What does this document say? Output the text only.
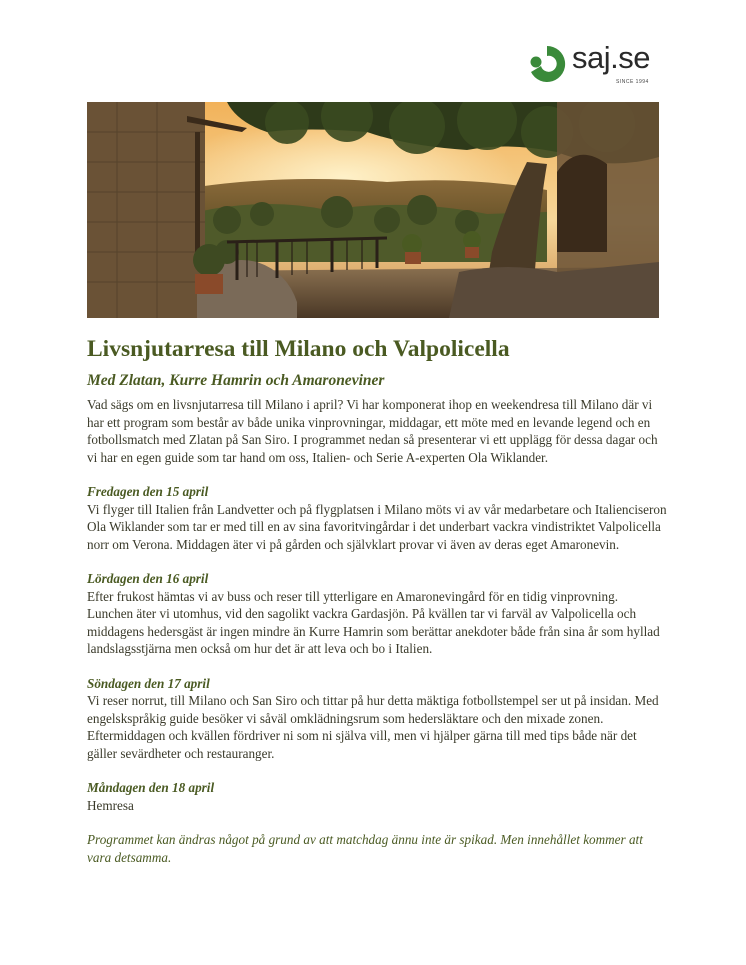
saj.se
SINCE 1994
Livsnjutarresa till Milano och Valpolicella
Med Zlatan, Kurre Hamrin och Amaroneviner

Vad sägs om en livsnjutarresa till Milano i april? Vi har komponerat ihop en weekendresa till Milano där vi har ett program som består av både unika vinprovningar, middagar, ett möte med en levande legend och en fotbollsmatch med Zlatan på San Siro. I programmet nedan så presenterar vi ett upplägg för dessa dagar och vi har en egen guide som tar hand om oss, Italien- och Serie A-experten Ola Wiklander.

Fredagen den 15 april

Vi flyger till Italien från Landvetter och på flygplatsen i Milano möts vi av vår medarbetare och Italienciseron Ola Wiklander som tar er med till en av sina favoritvingårdar i det underbart vackra vindistriktet Valpolicella norr om Verona. Middagen äter vi på gården och självklart provar vi även av deras eget Amaronevin.

Lördagen den 16 april

Efter frukost hämtas vi av buss och reser till ytterligare en Amaronevingård för en tidig vinprovning. Lunchen äter vi utomhus, vid den sagolikt vackra Gardasjön. På kvällen tar vi farväl av Valpolicella och middagens hedersgäst är ingen mindre än Kurre Hamrin som berättar anekdoter både från sina år som hyllad landslagsstjärna men också om hur det är att leva och bo i Italien.

Söndagen den 17 april

Vi reser norrut, till Milano och San Siro och tittar på hur detta mäktiga fotbollstempel ser ut på insidan. Med engelskspråkig guide besöker vi såväl omklädningsrum som hedersläktare och den mixade zonen. Eftermiddagen och kvällen fördriver ni som ni själva vill, men vi hjälper gärna till med tips både när det gäller sevärdheter och restauranger.

Måndagen den 18 april

Hemresa

Programmet kan ändras något på grund av att matchdag ännu inte är spikad. Men innehållet kommer att vara detsamma.
